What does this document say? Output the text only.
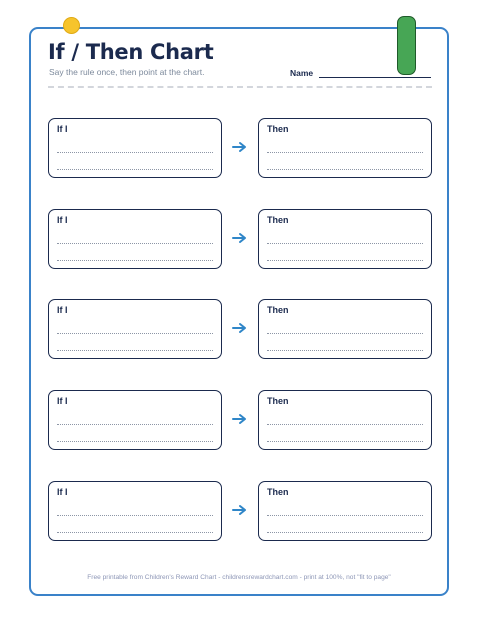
If / Then Chart

Say the rule once, then point at the chart.	Name
If I	Then
If I	Then
If I	Then
If I	Then
If I	Then

Free printable from Children's Reward Chart - childrensrewardchart.com - print at 100%, not "fit to page"
